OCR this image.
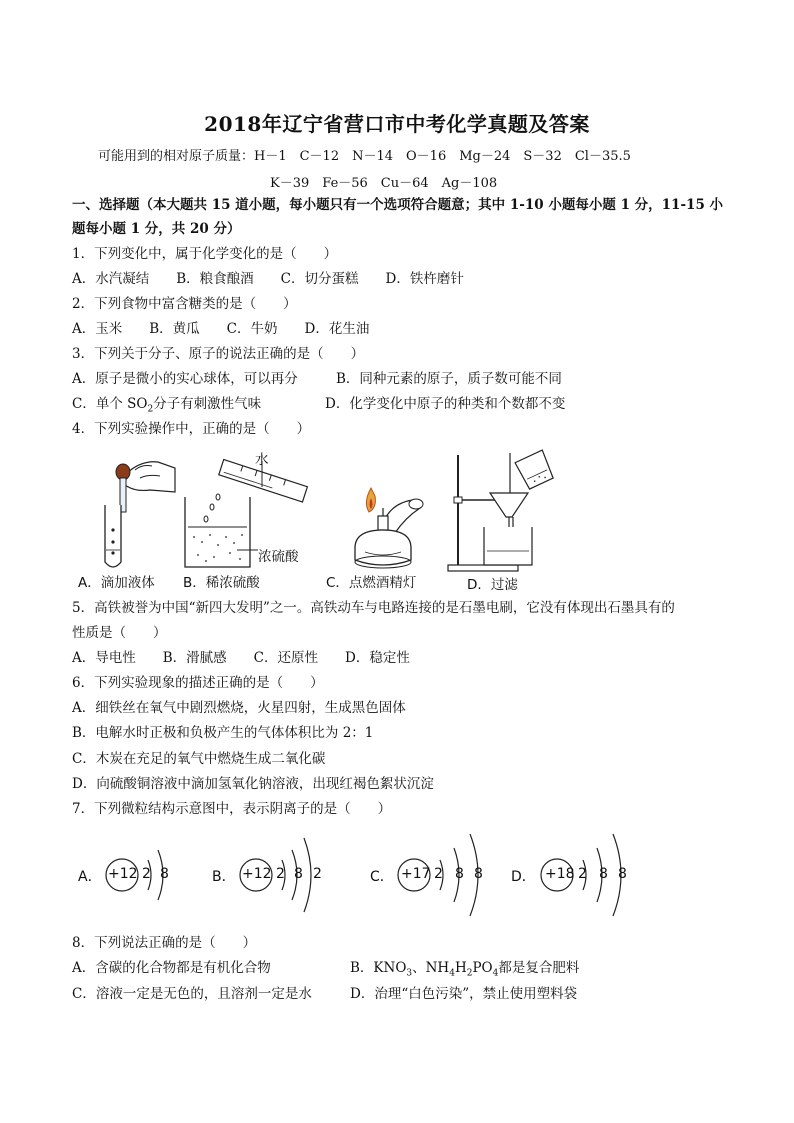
2018年辽宁省营口市中考化学真题及答案
可能用到的相对原子质量：H－1　C－12　N－14　O－16　Mg－24　S－32　Cl－35.5
K－39　Fe－56　Cu－64　Ag－108
一、选择题（本大题共 15 道小题，每小题只有一个选项符合题意；其中 1-10 小题每小题 1 分，11-15 小
题每小题 1 分，共 20 分）
1．下列变化中，属于化学变化的是（　　）
A．水汽凝结　　B．粮食酿酒　　C．切分蛋糕　　D．铁杵磨针
2．下列食物中富含糖类的是（　　）
A．玉米　　B．黄瓜　　C．牛奶　　D．花生油
3．下列关于分子、原子的说法正确的是（　　）
A．原子是微小的实心球体，可以再分	B．同种元素的原子，质子数可能不同
C．单个 $SO_2$分子有刺激性气味	D．化学变化中原子的种类和个数都不变
4．下列实验操作中，正确的是（　　）
A．滴加液体
水
浓硫酸
B．稀浓硫酸	C．点燃酒精灯	D．过滤
5．高铁被誉为中国“新四大发明”之一。高铁动车与电路连接的是石墨电刷，它没有体现出石墨具有的
性质是（　　）
A．导电性　　B．滑腻感　　C．还原性　　D．稳定性
6．下列实验现象的描述正确的是（　　）
A．细铁丝在氧气中剧烈燃烧，火星四射，生成黑色固体
B．电解水时正极和负极产生的气体体积比为 2：1
C．木炭在充足的氧气中燃烧生成二氧化碳
D．向硫酸铜溶液中滴加氢氧化钠溶液，出现红褐色絮状沉淀
7．下列微粒结构示意图中，表示阴离子的是（　　）
A． +12 2 8	B． +12 2 8 2	C． +17 2 8 8 D． +18 2 8 8
8．下列说法正确的是（　　）
A．含碳的化合物都是有机化合物	B．$KNO_3$、$NH_4H_2PO_4$都是复合肥料
C．溶液一定是无色的，且溶剂一定是水	D．治理“白色污染”，禁止使用塑料袋
